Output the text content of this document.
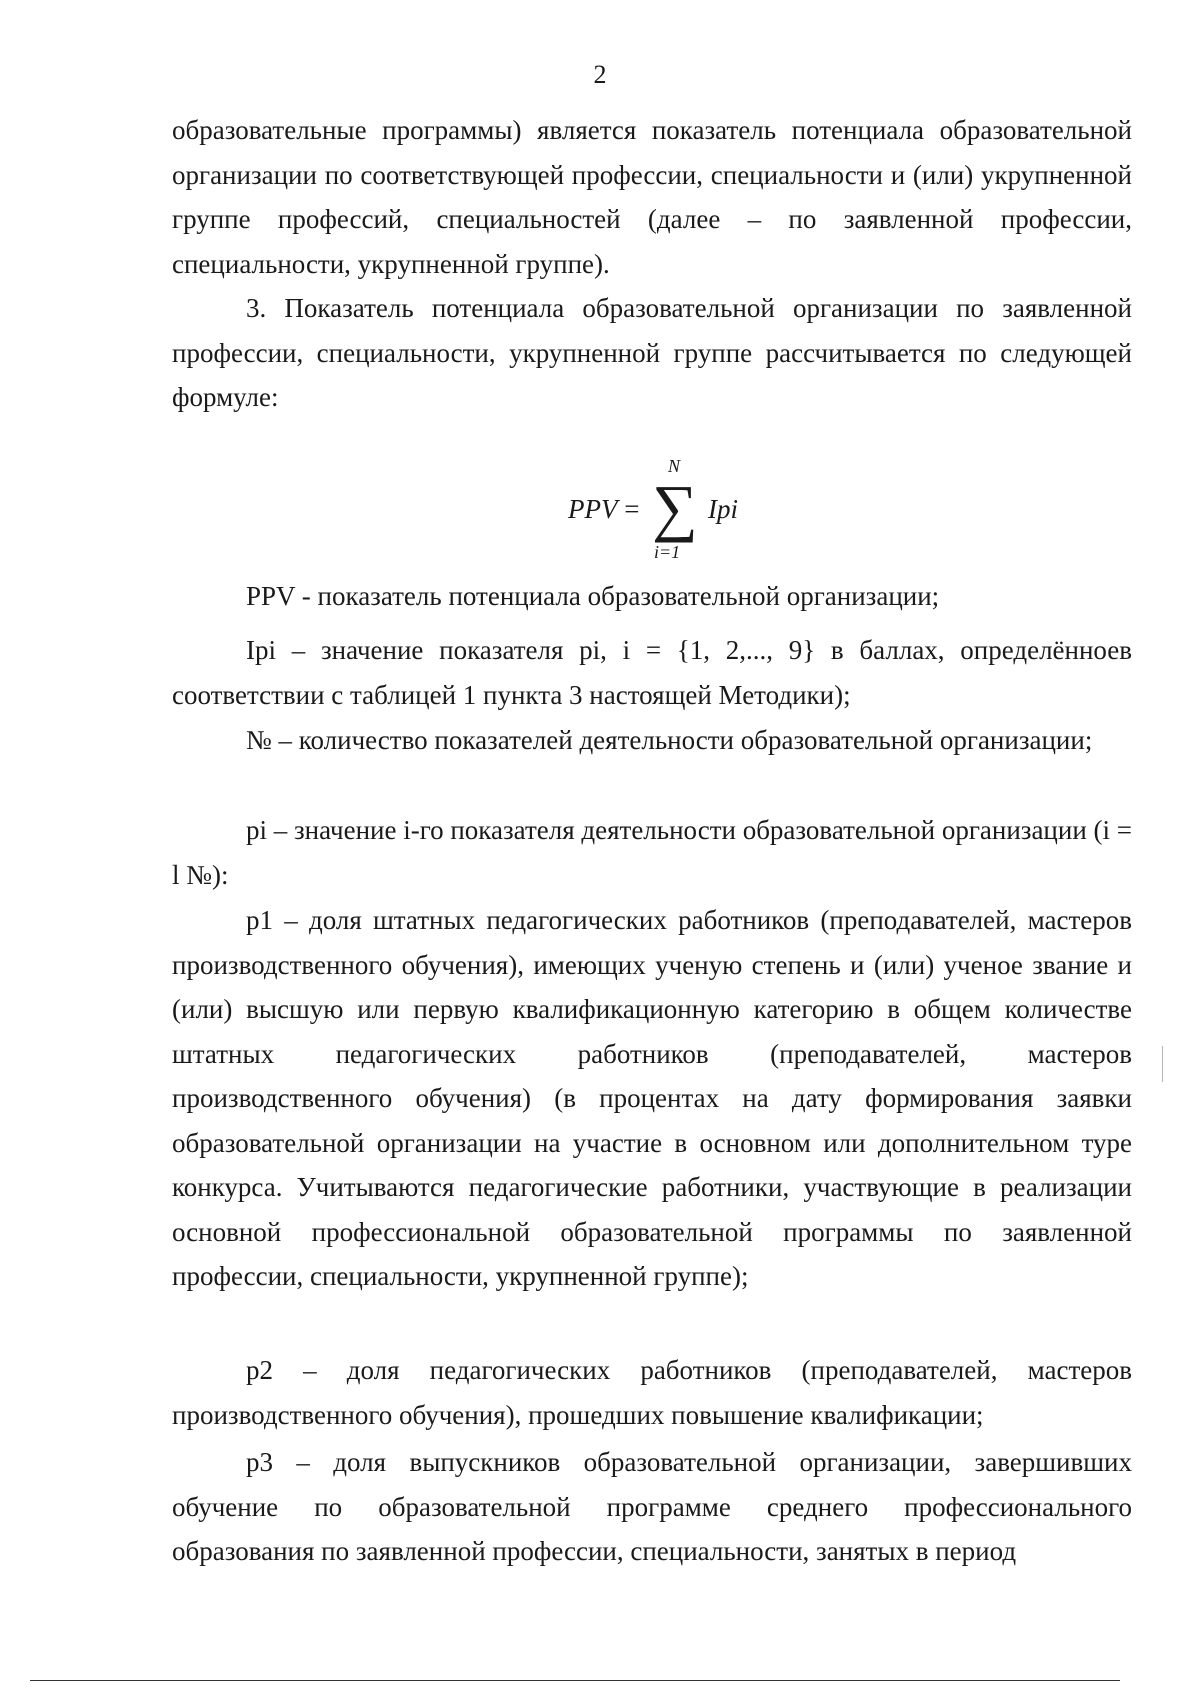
2

образовательные программы) является показатель потенциала образовательной организации по соответствующей профессии, специальности и (или) укрупненной группе профессий, специальностей (далее – по заявленной профессии, специальности, укрупненной группе).

3. Показатель потенциала образовательной организации по заявленной профессии, специальности, укрупненной группе рассчитывается по следующей формуле:

PPV =
N
∑
i=1
Ipi

PPV - показатель потенциала образовательной организации;

Ipi – значение показателя pi, i = {1, 2,..., 9} в баллах, определённоев соответствии с таблицей 1 пункта 3 настоящей Методики);

№ – количество показателей деятельности образовательной организации;

pi – значение i-го показателя деятельности образовательной организации (i = l №):

p1 – доля штатных педагогических работников (преподавателей, мастеров производственного обучения), имеющих ученую степень и (или) ученое звание и (или) высшую или первую квалификационную категорию в общем количестве штатных педагогических работников (преподавателей, мастеров производственного обучения) (в процентах на дату формирования заявки образовательной организации на участие в основном или дополнительном туре конкурса. Учитываются педагогические работники, участвующие в реализации основной профессиональной образовательной программы по заявленной профессии, специальности, укрупненной группе);

p2 – доля педагогических работников (преподавателей, мастеров производственного обучения), прошедших повышение квалификации;

p3 – доля выпускников образовательной организации, завершивших обучение по образовательной программе среднего профессионального образования по заявленной профессии, специальности, занятых в период
